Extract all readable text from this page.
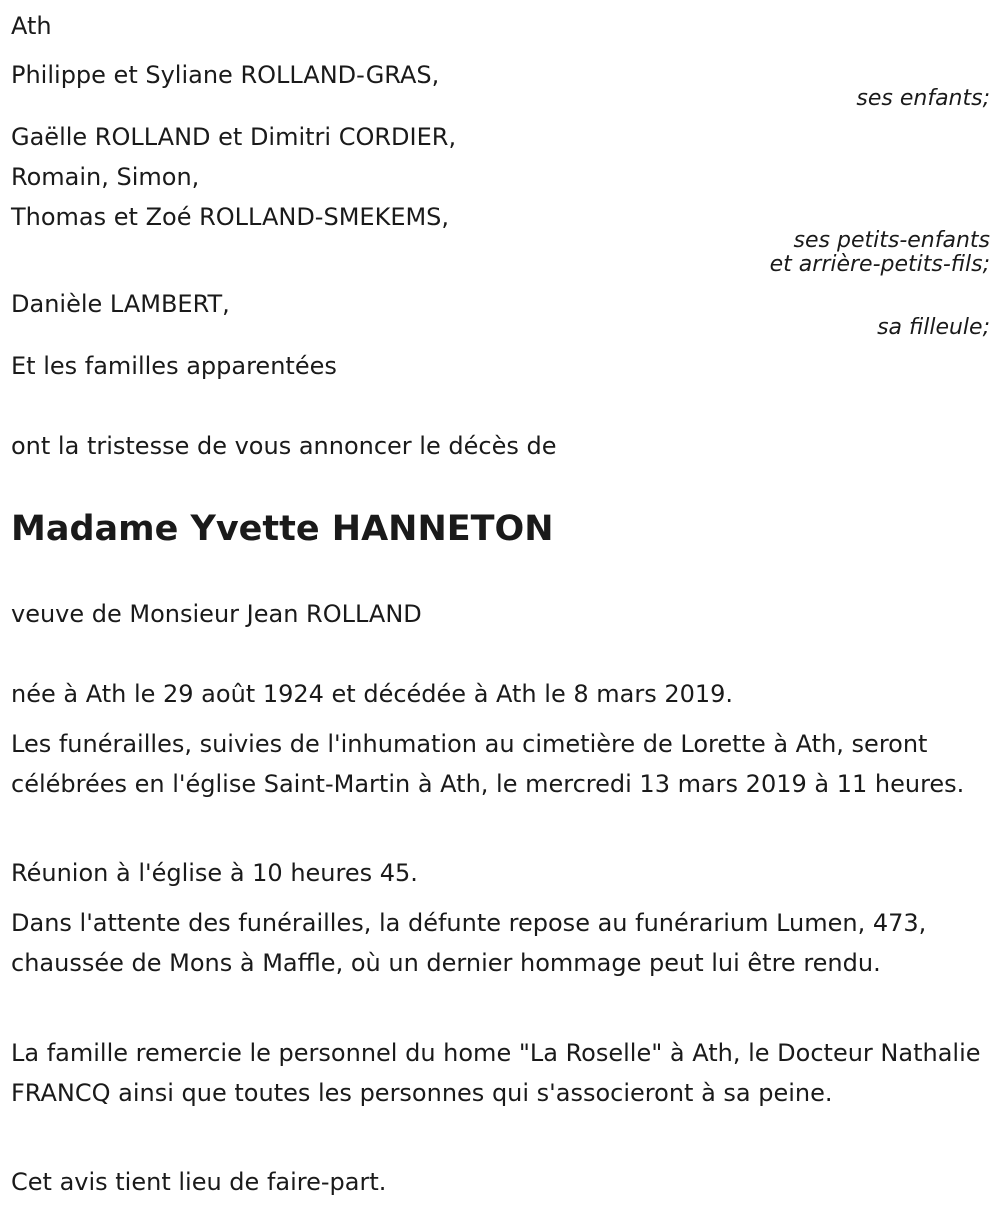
Ath

Philippe et Syliane ROLLAND-GRAS,

ses enfants;

Gaëlle ROLLAND et Dimitri CORDIER,

Romain, Simon,

Thomas et Zoé ROLLAND-SMEKEMS,

ses petits-enfants

et arrière-petits-fils;

Danièle LAMBERT,

sa filleule;

Et les familles apparentées

ont la tristesse de vous annoncer le décès de

Madame Yvette HANNETON

veuve de Monsieur Jean ROLLAND

née à Ath le 29 août 1924 et décédée à Ath le 8 mars 2019.

Les funérailles, suivies de l'inhumation au cimetière de Lorette à Ath, seront célébrées en l'église Saint-Martin à Ath, le mercredi 13 mars 2019 à 11 heures.

Réunion à l'église à 10 heures 45.

Dans l'attente des funérailles, la défunte repose au funérarium Lumen, 473, chaussée de Mons à Maffle, où un dernier hommage peut lui être rendu.

La famille remercie le personnel du home "La Roselle" à Ath, le Docteur Nathalie FRANCQ ainsi que toutes les personnes qui s'associeront à sa peine.

Cet avis tient lieu de faire-part.
